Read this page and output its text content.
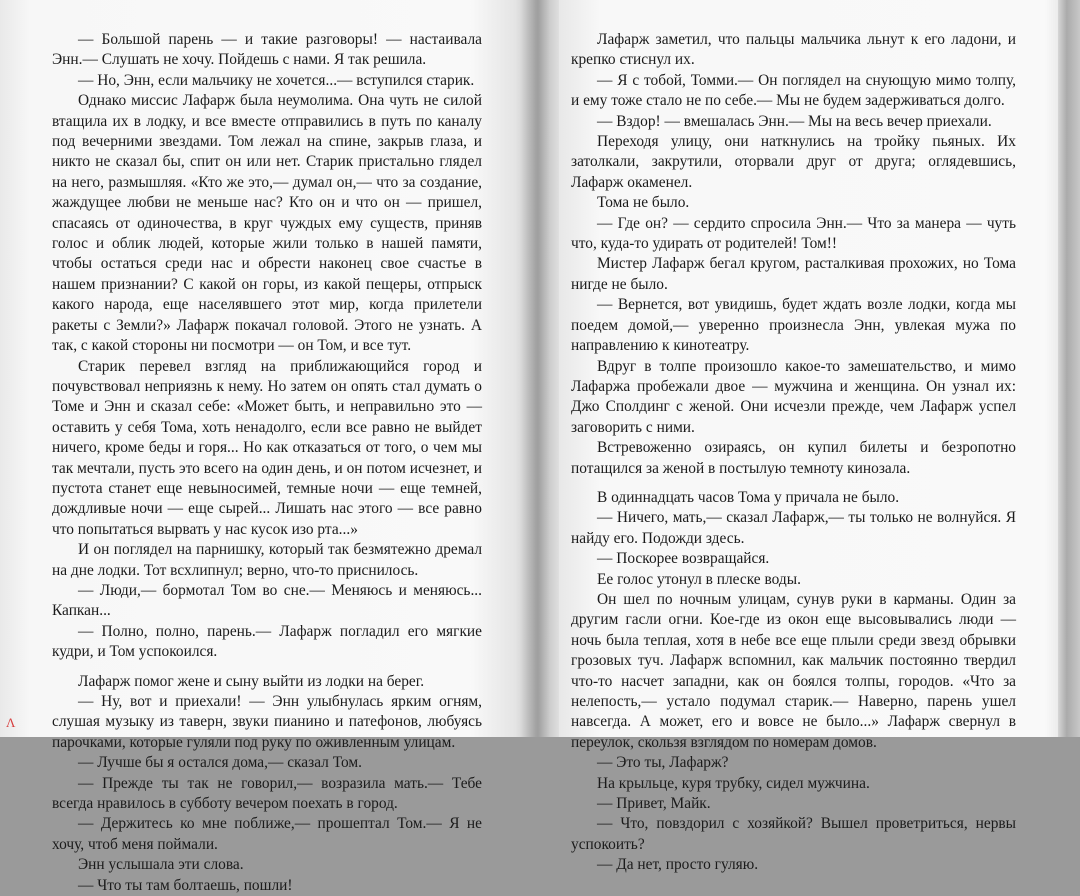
— Большой парень — и такие разговоры! — настаивала Энн.— Слушать не хочу. Пойдешь с нами. Я так решила.

— Но, Энн, если мальчику не хочется...— вступился старик.

Однако миссис Лафарж была неумолима. Она чуть не силой втащила их в лодку, и все вместе отправились в путь по каналу под вечерними звездами. Том лежал на спине, закрыв глаза, и никто не сказал бы, спит он или нет. Старик пристально глядел на него, размышляя. «Кто же это,— думал он,— что за создание, жаждущее любви не меньше нас? Кто он и что он — пришел, спасаясь от одиночества, в круг чуждых ему существ, приняв голос и облик людей, которые жили только в нашей памяти, чтобы остаться среди нас и обрести наконец свое счастье в нашем признании? С какой он горы, из какой пещеры, отпрыск какого народа, еще населявшего этот мир, когда прилетели ракеты с Земли?» Лафарж покачал головой. Этого не узнать. А так, с какой стороны ни посмотри — он Том, и все тут.

Старик перевел взгляд на приближающийся город и почувствовал неприязнь к нему. Но затем он опять стал думать о Томе и Энн и сказал себе: «Может быть, и неправильно это — оставить у себя Тома, хоть ненадолго, если все равно не выйдет ничего, кроме беды и горя... Но как отказаться от того, о чем мы так мечтали, пусть это всего на один день, и он потом исчезнет, и пустота станет еще невыносимей, темные ночи — еще темней, дождливые ночи — еще сырей... Лишать нас этого — все равно что попытаться вырвать у нас кусок изо рта...»

И он поглядел на парнишку, который так безмятежно дремал на дне лодки. Тот всхлипнул; верно, что-то приснилось.

— Люди,— бормотал Том во сне.— Меняюсь и меняюсь... Капкан...

— Полно, полно, парень.— Лафарж погладил его мягкие кудри, и Том успокоился.

Лафарж помог жене и сыну выйти из лодки на берег.

— Ну, вот и приехали! — Энн улыбнулась ярким огням, слушая музыку из таверн, звуки пианино и патефонов, любуясь парочками, которые гуляли под руку по оживленным улицам.

— Лучше бы я остался дома,— сказал Том.

— Прежде ты так не говорил,— возразила мать.— Тебе всегда нравилось в субботу вечером поехать в город.

— Держитесь ко мне поближе,— прошептал Том.— Я не хочу, чтоб меня поймали.

Энн услышала эти слова.

— Что ты там болтаешь, пошли!

Лафарж заметил, что пальцы мальчика льнут к его ладони, и крепко стиснул их.

— Я с тобой, Томми.— Он поглядел на снующую мимо толпу, и ему тоже стало не по себе.— Мы не будем задерживаться долго.

— Вздор! — вмешалась Энн.— Мы на весь вечер приехали.

Переходя улицу, они наткнулись на тройку пьяных. Их затолкали, закрутили, оторвали друг от друга; оглядевшись, Лафарж окаменел.

Тома не было.

— Где он? — сердито спросила Энн.— Что за манера — чуть что, куда-то удирать от родителей! Том!!

Мистер Лафарж бегал кругом, расталкивая прохожих, но Тома нигде не было.

— Вернется, вот увидишь, будет ждать возле лодки, когда мы поедем домой,— уверенно произнесла Энн, увлекая мужа по направлению к кинотеатру.

Вдруг в толпе произошло какое-то замешательство, и мимо Лафаржа пробежали двое — мужчина и женщина. Он узнал их: Джо Сполдинг с женой. Они исчезли прежде, чем Лафарж успел заговорить с ними.

Встревоженно озираясь, он купил билеты и безропотно потащился за женой в постылую темноту кинозала.

В одиннадцать часов Тома у причала не было.

— Ничего, мать,— сказал Лафарж,— ты только не волнуйся. Я найду его. Подожди здесь.

— Поскорее возвращайся.

Ее голос утонул в плеске воды.

Он шел по ночным улицам, сунув руки в карманы. Один за другим гасли огни. Кое-где из окон еще высовывались люди — ночь была теплая, хотя в небе все еще плыли среди звезд обрывки грозовых туч. Лафарж вспомнил, как мальчик постоянно твердил что-то насчет западни, как он боялся толпы, городов. «Что за нелепость,— устало подумал старик.— Наверно, парень ушел навсегда. А может, его и вовсе не было...» Лафарж свернул в переулок, скользя взглядом по номерам домов.

— Это ты, Лафарж?

На крыльце, куря трубку, сидел мужчина.

— Привет, Майк.

— Что, повздорил с хозяйкой? Вышел проветриться, нервы успокоить?

— Да нет, просто гуляю.

Λ
